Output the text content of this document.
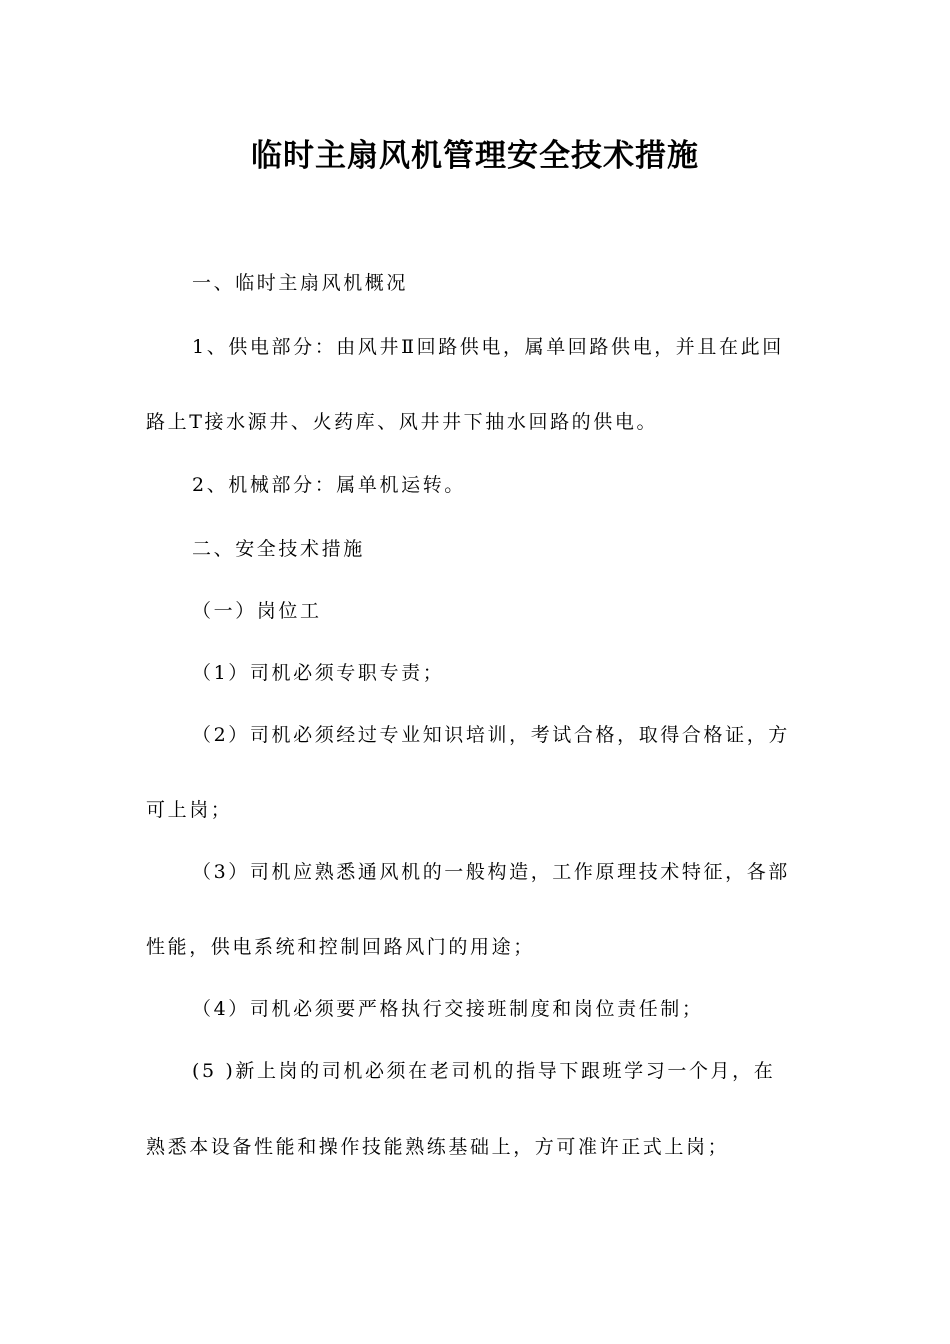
临时主扇风机管理安全技术措施
一、临时主扇风机概况
1、供电部分：由风井Ⅱ回路供电，属单回路供电，并且在此回
路上T接水源井、火药库、风井井下抽水回路的供电。
2、机械部分：属单机运转。
二、安全技术措施
（一）岗位工
（1）司机必须专职专责；
（2）司机必须经过专业知识培训，考试合格，取得合格证，方
可上岗；
（3）司机应熟悉通风机的一般构造，工作原理技术特征，各部
性能，供电系统和控制回路风门的用途；
（4）司机必须要严格执行交接班制度和岗位责任制；
(5 )新上岗的司机必须在老司机的指导下跟班学习一个月，在
熟悉本设备性能和操作技能熟练基础上，方可准许正式上岗；
